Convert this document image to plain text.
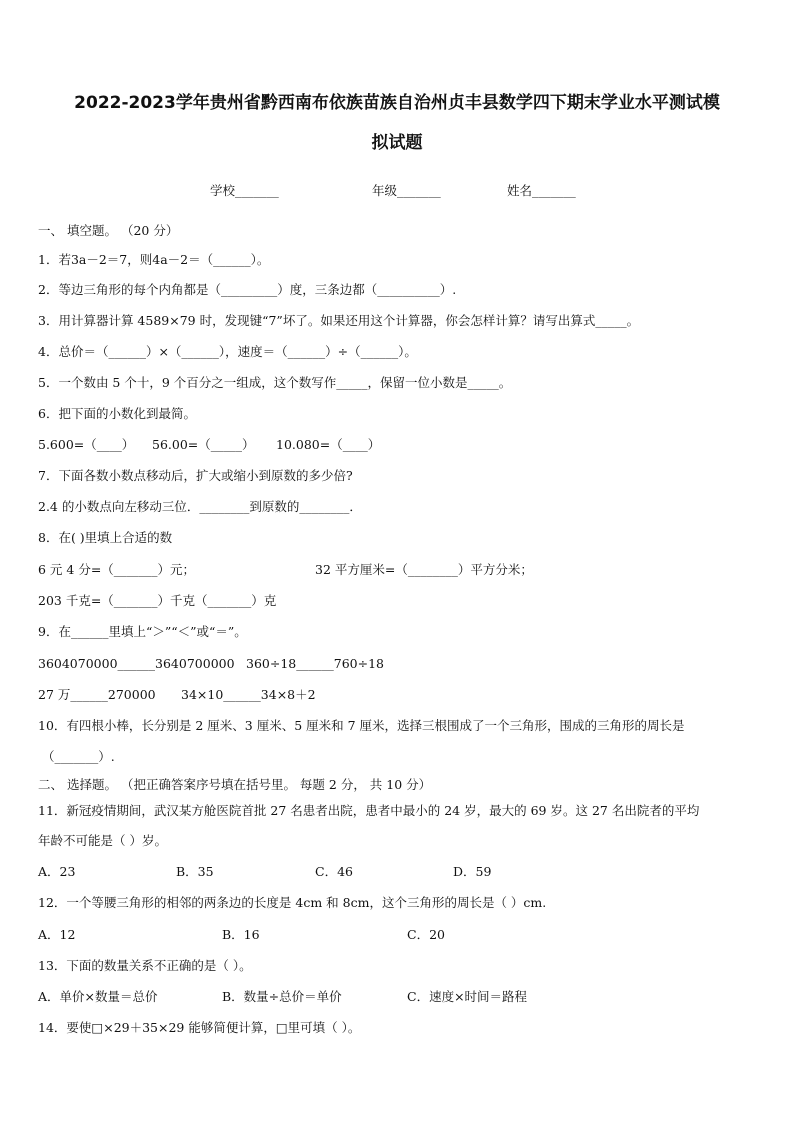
2022-2023学年贵州省黔西南布依族苗族自治州贞丰县数学四下期末学业水平测试模
拟试题
学校_______	年级_______	姓名_______
一、 填空题。 （20 分）
1．若3a－2＝7，则4a－2＝（______）。
2．等边三角形的每个内角都是（_________）度，三条边都（__________）.
3．用计算器计算 4589×79 时，发现键“7”坏了。如果还用这个计算器，你会怎样计算？请写出算式_____。
4．总价＝（______）×（______），速度＝（______）÷（______）。
5．一个数由 5 个十，9 个百分之一组成，这个数写作_____，保留一位小数是_____。
6．把下面的小数化到最简。
5.600=（____） 56.00=（_____） 10.080=（____）
7．下面各数小数点移动后，扩大或缩小到原数的多少倍?
2.4 的小数点向左移动三位．________到原数的________．
8．在( )里填上合适的数
6 元 4 分=（_______）元；	32 平方厘米=（________）平方分米；
203 千克=（_______）千克（_______）克
9．在______里填上“＞”“＜”或“＝”。
3604070000______3640700000 360÷18______760÷18
27 万______270000 34×10______34×8＋2
10．有四根小棒，长分别是 2 厘米、3 厘米、5 厘米和 7 厘米，选择三根围成了一个三角形，围成的三角形的周长是
（_______）.
二、 选择题。 （把正确答案序号填在括号里。 每题 2 分， 共 10 分）
11．新冠疫情期间，武汉某方舱医院首批 27 名患者出院，患者中最小的 24 岁，最大的 69 岁。这 27 名出院者的平均
年龄不可能是（ ）岁。
A．23	B．35	C．46	D．59
12．一个等腰三角形的相邻的两条边的长度是 4cm 和 8cm，这个三角形的周长是（ ）cm.
A．12	B．16	C．20
13．下面的数量关系不正确的是（ ）。
A．单价×数量＝总价	B．数量÷总价＝单价	C．速度×时间＝路程
14．要使□×29＋35×29 能够简便计算，□里可填（ ）。
